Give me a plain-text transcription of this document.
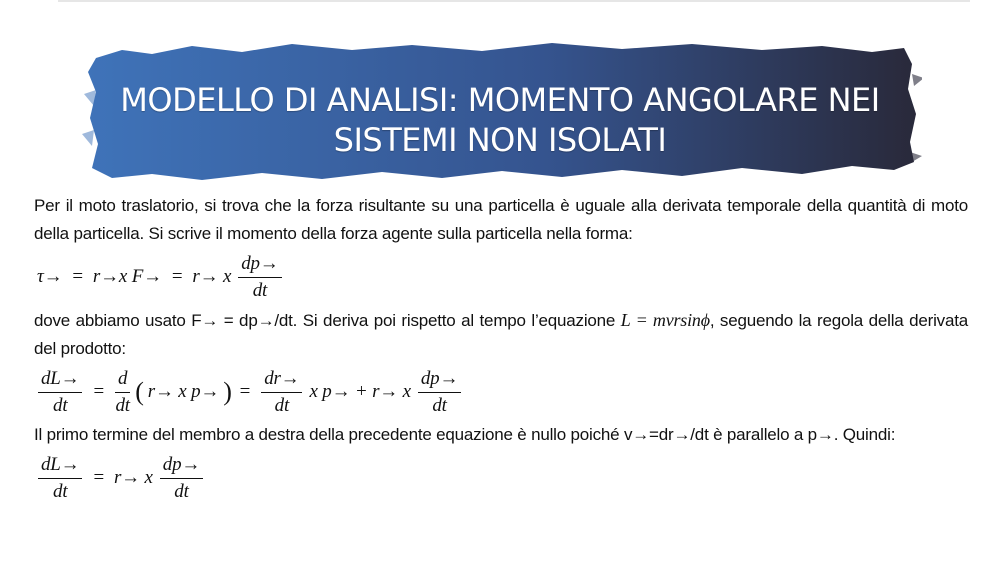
MODELLO DI ANALISI: MOMENTO ANGOLARE NEI
SISTEMI NON ISOLATI

Per il moto traslatorio, si trova che la forza risultante su una particella è uguale alla derivata temporale della quantità di moto della particella. Si scrive il momento della forza agente sulla particella nella forma:

τ→ = r→x F→ = r→ x $\frac{dp\to}{dt}$

dove abbiamo usato F→ = dp→/dt. Si deriva poi rispetto al tempo l’equazione L = mvrsinϕ, seguendo la regola della derivata del prodotto:

$\frac{dL\to}{dt} = \frac{d}{dt}$ ( r→ x p→ ) = $\frac{dr\to}{dt}$ x p→ + r→ x $\frac{dp\to}{dt}$

Il primo termine del membro a destra della precedente equazione è nullo poiché v→=dr→/dt è parallelo a p→. Quindi:

$\frac{dL\to}{dt} = r\to x \frac{dp\to}{dt}$
